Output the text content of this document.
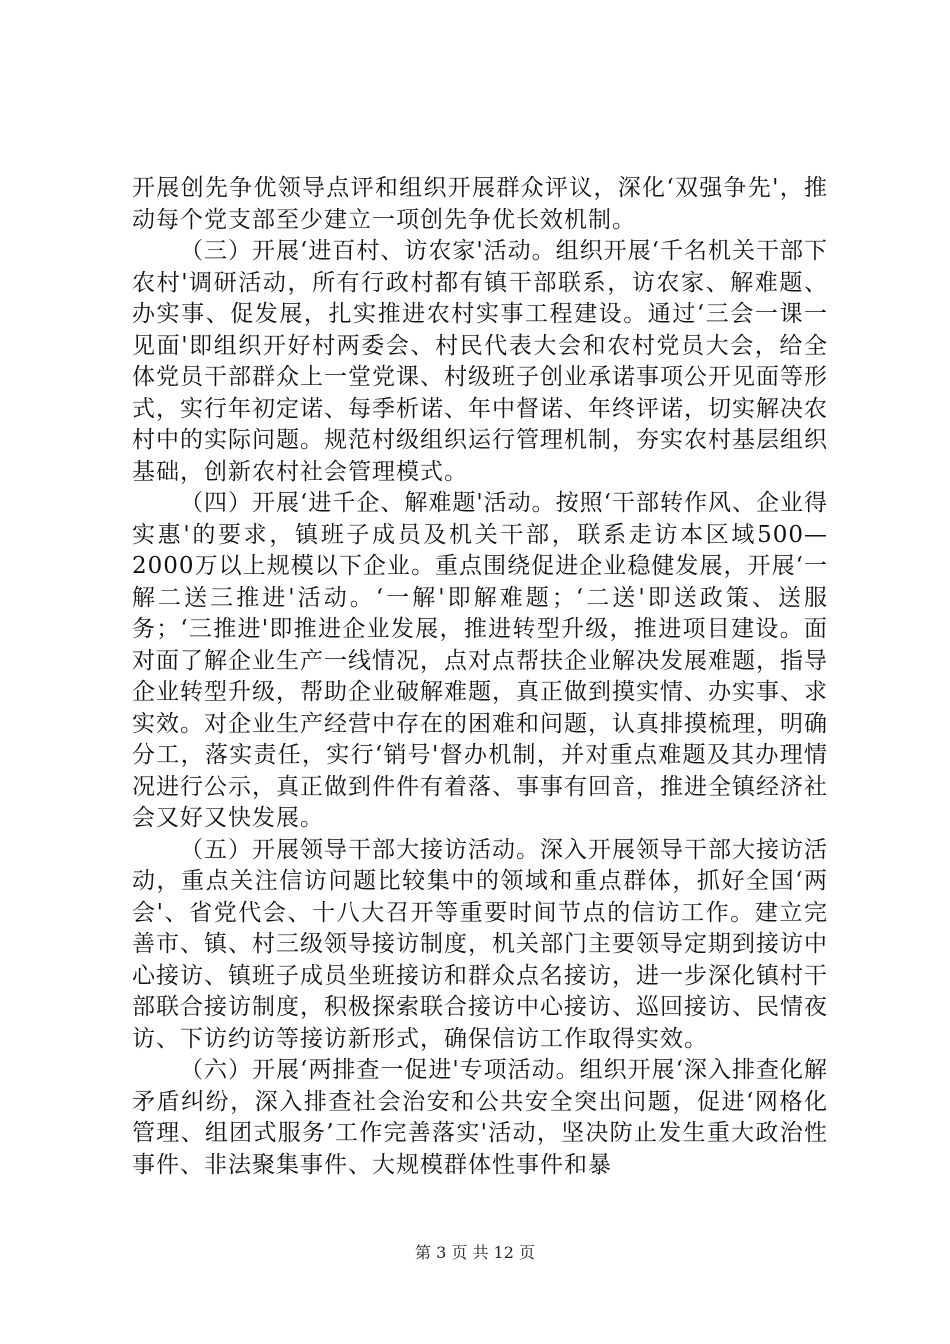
开展创先争优领导点评和组织开展群众评议，深化‘双强争先'，推动每个党支部至少建立一项创先争优长效机制。

（三）开展‘进百村、访农家'活动。组织开展‘千名机关干部下农村'调研活动，所有行政村都有镇干部联系，访农家、解难题、办实事、促发展，扎实推进农村实事工程建设。通过‘三会一课一见面'即组织开好村两委会、村民代表大会和农村党员大会，给全体党员干部群众上一堂党课、村级班子创业承诺事项公开见面等形式，实行年初定诺、每季析诺、年中督诺、年终评诺，切实解决农村中的实际问题。规范村级组织运行管理机制，夯实农村基层组织基础，创新农村社会管理模式。

（四）开展‘进千企、解难题'活动。按照‘干部转作风、企业得实惠'的要求，镇班子成员及机关干部，联系走访本区域500—2000万以上规模以下企业。重点围绕促进企业稳健发展，开展‘一解二送三推进'活动。‘一解'即解难题；‘二送'即送政策、送服务；‘三推进'即推进企业发展，推进转型升级，推进项目建设。面对面了解企业生产一线情况，点对点帮扶企业解决发展难题，指导企业转型升级，帮助企业破解难题，真正做到摸实情、办实事、求实效。对企业生产经营中存在的困难和问题，认真排摸梳理，明确分工，落实责任，实行‘销号'督办机制，并对重点难题及其办理情况进行公示，真正做到件件有着落、事事有回音，推进全镇经济社会又好又快发展。

（五）开展领导干部大接访活动。深入开展领导干部大接访活动，重点关注信访问题比较集中的领域和重点群体，抓好全国‘两会'、省党代会、十八大召开等重要时间节点的信访工作。建立完善市、镇、村三级领导接访制度，机关部门主要领导定期到接访中心接访、镇班子成员坐班接访和群众点名接访，进一步深化镇村干部联合接访制度，积极探索联合接访中心接访、巡回接访、民情夜访、下访约访等接访新形式，确保信访工作取得实效。

（六）开展‘两排查一促进'专项活动。组织开展‘深入排查化解矛盾纠纷，深入排查社会治安和公共安全突出问题，促进‘网格化管理、组团式服务’工作完善落实'活动，坚决防止发生重大政治性事件、非法聚集事件、大规模群体性事件和暴

第 3 页 共 12 页
